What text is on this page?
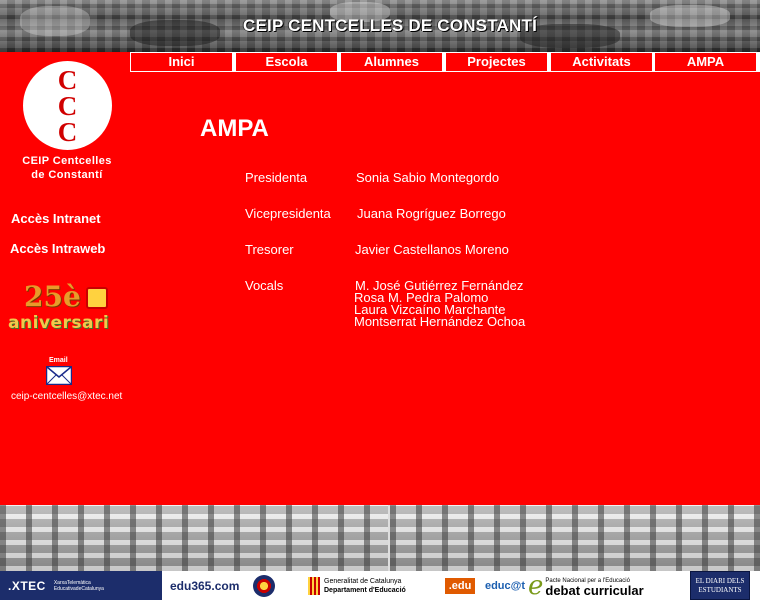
CEIP CENTCELLES DE CONSTANTÍ
Inici	Escola	Alumnes	Projectes	Activitats	AMPA
C
C
C
CEIP Centcelles
de Constantí
Accès Intranet
Accès Intraweb
25è
aniversari
Email
ceip-centcelles@xtec.net
AMPA
Presidenta	Sonia Sabio Montegordo
Vicepresidenta Juana Rogríguez Borrego
Tresorer	Javier Castellanos Moreno
Vocals	M. José Gutiérrez Fernández
Rosa M. Pedra Palomo
Laura Vizcaíno Marchante
Montserrat Hernández Ochoa
.XTEC XarxaTelemàtica
EducativadeCatalunya	edu365.com	Generalitat de Catalunya
Departament d'Educació	.edu	educ@t e Pacte Nacional per a l'Educació
debat curricular
EL DIARI DELS
ESTUDIANTS
